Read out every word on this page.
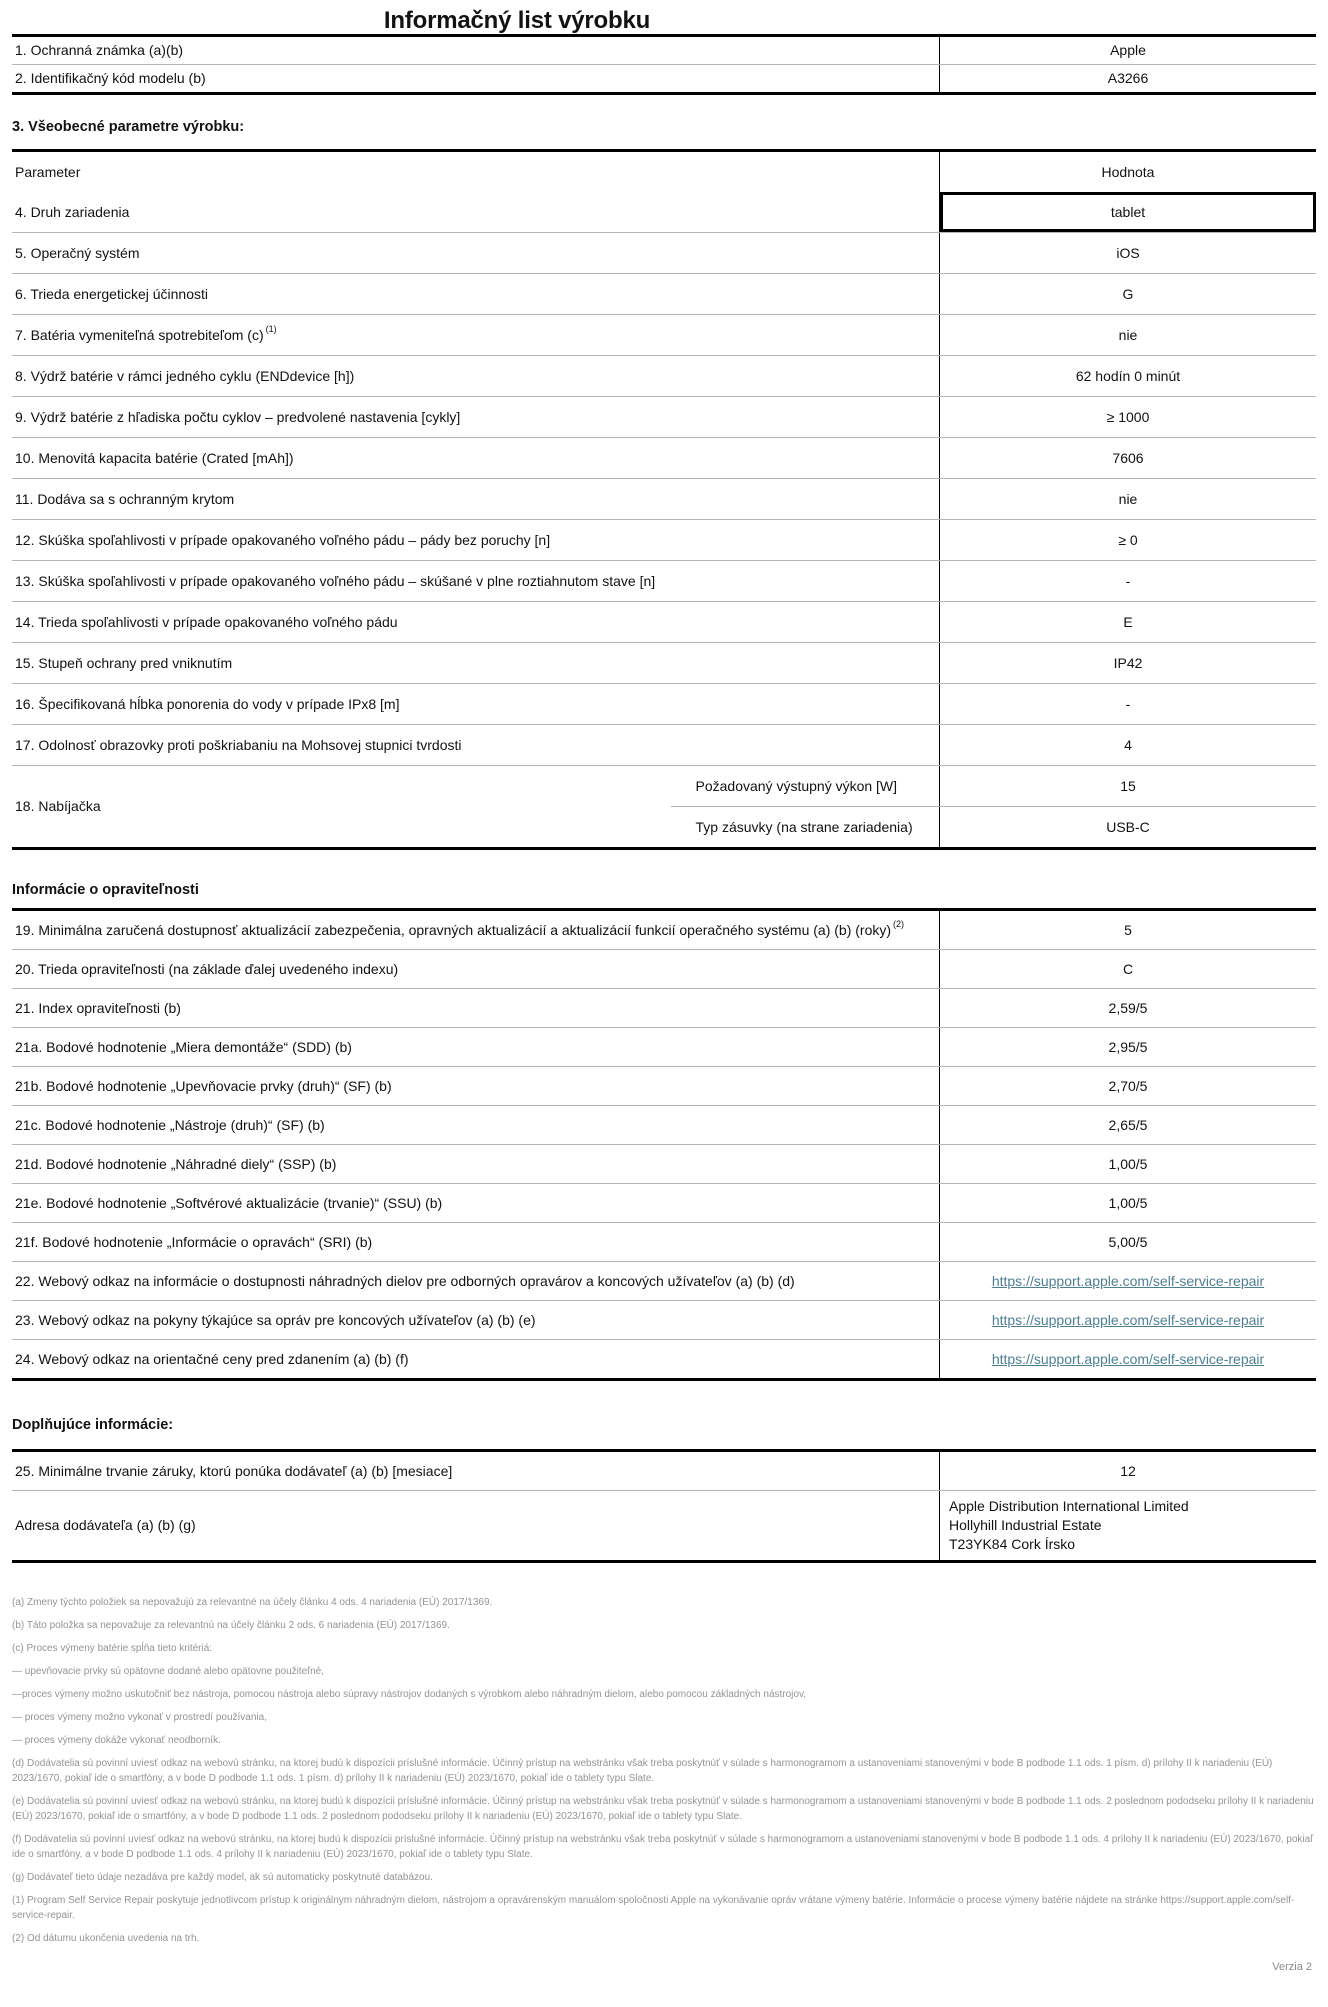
Informačný list výrobku
1. Ochranná známka (a)(b)	Apple
2. Identifikačný kód modelu (b)	A3266
3. Všeobecné parametre výrobku:
Parameter	Hodnota
4. Druh zariadenia	tablet
5. Operačný systém	iOS
6. Trieda energetickej účinnosti	G
7. Batéria vymeniteľná spotrebiteľom (c) (1)	nie
8. Výdrž batérie v rámci jedného cyklu (ENDdevice [h])	62 hodín 0 minút
9. Výdrž batérie z hľadiska počtu cyklov – predvolené nastavenia [cykly]	≥ 1000
10. Menovitá kapacita batérie (Crated [mAh])	7606
11. Dodáva sa s ochranným krytom	nie
12. Skúška spoľahlivosti v prípade opakovaného voľného pádu – pády bez poruchy [n]	≥ 0
13. Skúška spoľahlivosti v prípade opakovaného voľného pádu – skúšané v plne roztiahnutom stave [n]	-
14. Trieda spoľahlivosti v prípade opakovaného voľného pádu	E
15. Stupeň ochrany pred vniknutím	IP42
16. Špecifikovaná hĺbka ponorenia do vody v prípade IPx8 [m]	-
17. Odolnosť obrazovky proti poškriabaniu na Mohsovej stupnici tvrdosti	4
18. Nabíjačka
Požadovaný výstupný výkon [W]	15
Typ zásuvky (na strane zariadenia)	USB-C
Informácie o opraviteľnosti
19. Minimálna zaručená dostupnosť aktualizácií zabezpečenia, opravných aktualizácií a aktualizácií funkcií operačného systému (a) (b) (roky) (2)	5
20. Trieda opraviteľnosti (na základe ďalej uvedeného indexu)	C
21. Index opraviteľnosti (b)	2,59/5
21a. Bodové hodnotenie „Miera demontáže“ (SDD) (b)	2,95/5
21b. Bodové hodnotenie „Upevňovacie prvky (druh)“ (SF) (b)	2,70/5
21c. Bodové hodnotenie „Nástroje (druh)“ (SF) (b)	2,65/5
21d. Bodové hodnotenie „Náhradné diely“ (SSP) (b)	1,00/5
21e. Bodové hodnotenie „Softvérové aktualizácie (trvanie)“ (SSU) (b)	1,00/5
21f. Bodové hodnotenie „Informácie o opravách“ (SRI) (b)	5,00/5
22. Webový odkaz na informácie o dostupnosti náhradných dielov pre odborných opravárov a koncových užívateľov (a) (b) (d)	https://support.apple.com/self-service-repair
23. Webový odkaz na pokyny týkajúce sa opráv pre koncových užívateľov (a) (b) (e)	https://support.apple.com/self-service-repair
24. Webový odkaz na orientačné ceny pred zdanením (a) (b) (f)	https://support.apple.com/self-service-repair
Doplňujúce informácie:
25. Minimálne trvanie záruky, ktorú ponúka dodávateľ (a) (b) [mesiace]	12
Adresa dodávateľa (a) (b) (g)
Apple Distribution International Limited
Hollyhill Industrial Estate
T23YK84 Cork Írsko

(a) Zmeny týchto položiek sa nepovažujú za relevantné na účely článku 4 ods. 4 nariadenia (EÚ) 2017/1369.

(b) Táto položka sa nepovažuje za relevantnú na účely článku 2 ods. 6 nariadenia (EÚ) 2017/1369.

(c) Proces výmeny batérie spĺňa tieto kritériá:

— upevňovacie prvky sú opätovne dodané alebo opätovne použiteľné,

—proces výmeny možno uskutočniť bez nástroja, pomocou nástroja alebo súpravy nástrojov dodaných s výrobkom alebo náhradným dielom, alebo pomocou základných nástrojov,

— proces výmeny možno vykonať v prostredí používania,

— proces výmeny dokáže vykonať neodborník.

(d) Dodávatelia sú povinní uviesť odkaz na webovú stránku, na ktorej budú k dispozícii príslušné informácie. Účinný prístup na webstránku však treba poskytnúť v súlade s harmonogramom a ustanoveniami stanovenými v bode B podbode 1.1 ods. 1 písm. d) prílohy II k nariadeniu (EÚ) 2023/1670, pokiaľ ide o smartfóny, a v bode D podbode 1.1 ods. 1 písm. d) prílohy II k nariadeniu (EÚ) 2023/1670, pokiaľ ide o tablety typu Slate.

(e) Dodávatelia sú povinní uviesť odkaz na webovú stránku, na ktorej budú k dispozícii príslušné informácie. Účinný prístup na webstránku však treba poskytnúť v súlade s harmonogramom a ustanoveniami stanovenými v bode B podbode 1.1 ods. 2 poslednom pododseku prílohy II k nariadeniu (EÚ) 2023/1670, pokiaľ ide o smartfóny, a v bode D podbode 1.1 ods. 2 poslednom pododseku prílohy II k nariadeniu (EÚ) 2023/1670, pokiaľ ide o tablety typu Slate.

(f) Dodávatelia sú povinní uviesť odkaz na webovú stránku, na ktorej budú k dispozícii príslušné informácie. Účinný prístup na webstránku však treba poskytnúť v súlade s harmonogramom a ustanoveniami stanovenými v bode B podbode 1.1 ods. 4 prílohy II k nariadeniu (EÚ) 2023/1670, pokiaľ ide o smartfóny, a v bode D podbode 1.1 ods. 4 prílohy II k nariadeniu (EÚ) 2023/1670, pokiaľ ide o tablety typu Slate.

(g) Dodávateľ tieto údaje nezadáva pre každý model, ak sú automaticky poskytnuté databázou.

(1) Program Self Service Repair poskytuje jednotlivcom prístup k originálnym náhradným dielom, nástrojom a opravárenským manuálom spoločnosti Apple na vykonávanie opráv vrátane výmeny batérie. Informácie o procese výmeny batérie nájdete na stránke https://support.apple.com/self-service-repair.

(2) Od dátumu ukončenia uvedenia na trh.

Verzia 2
